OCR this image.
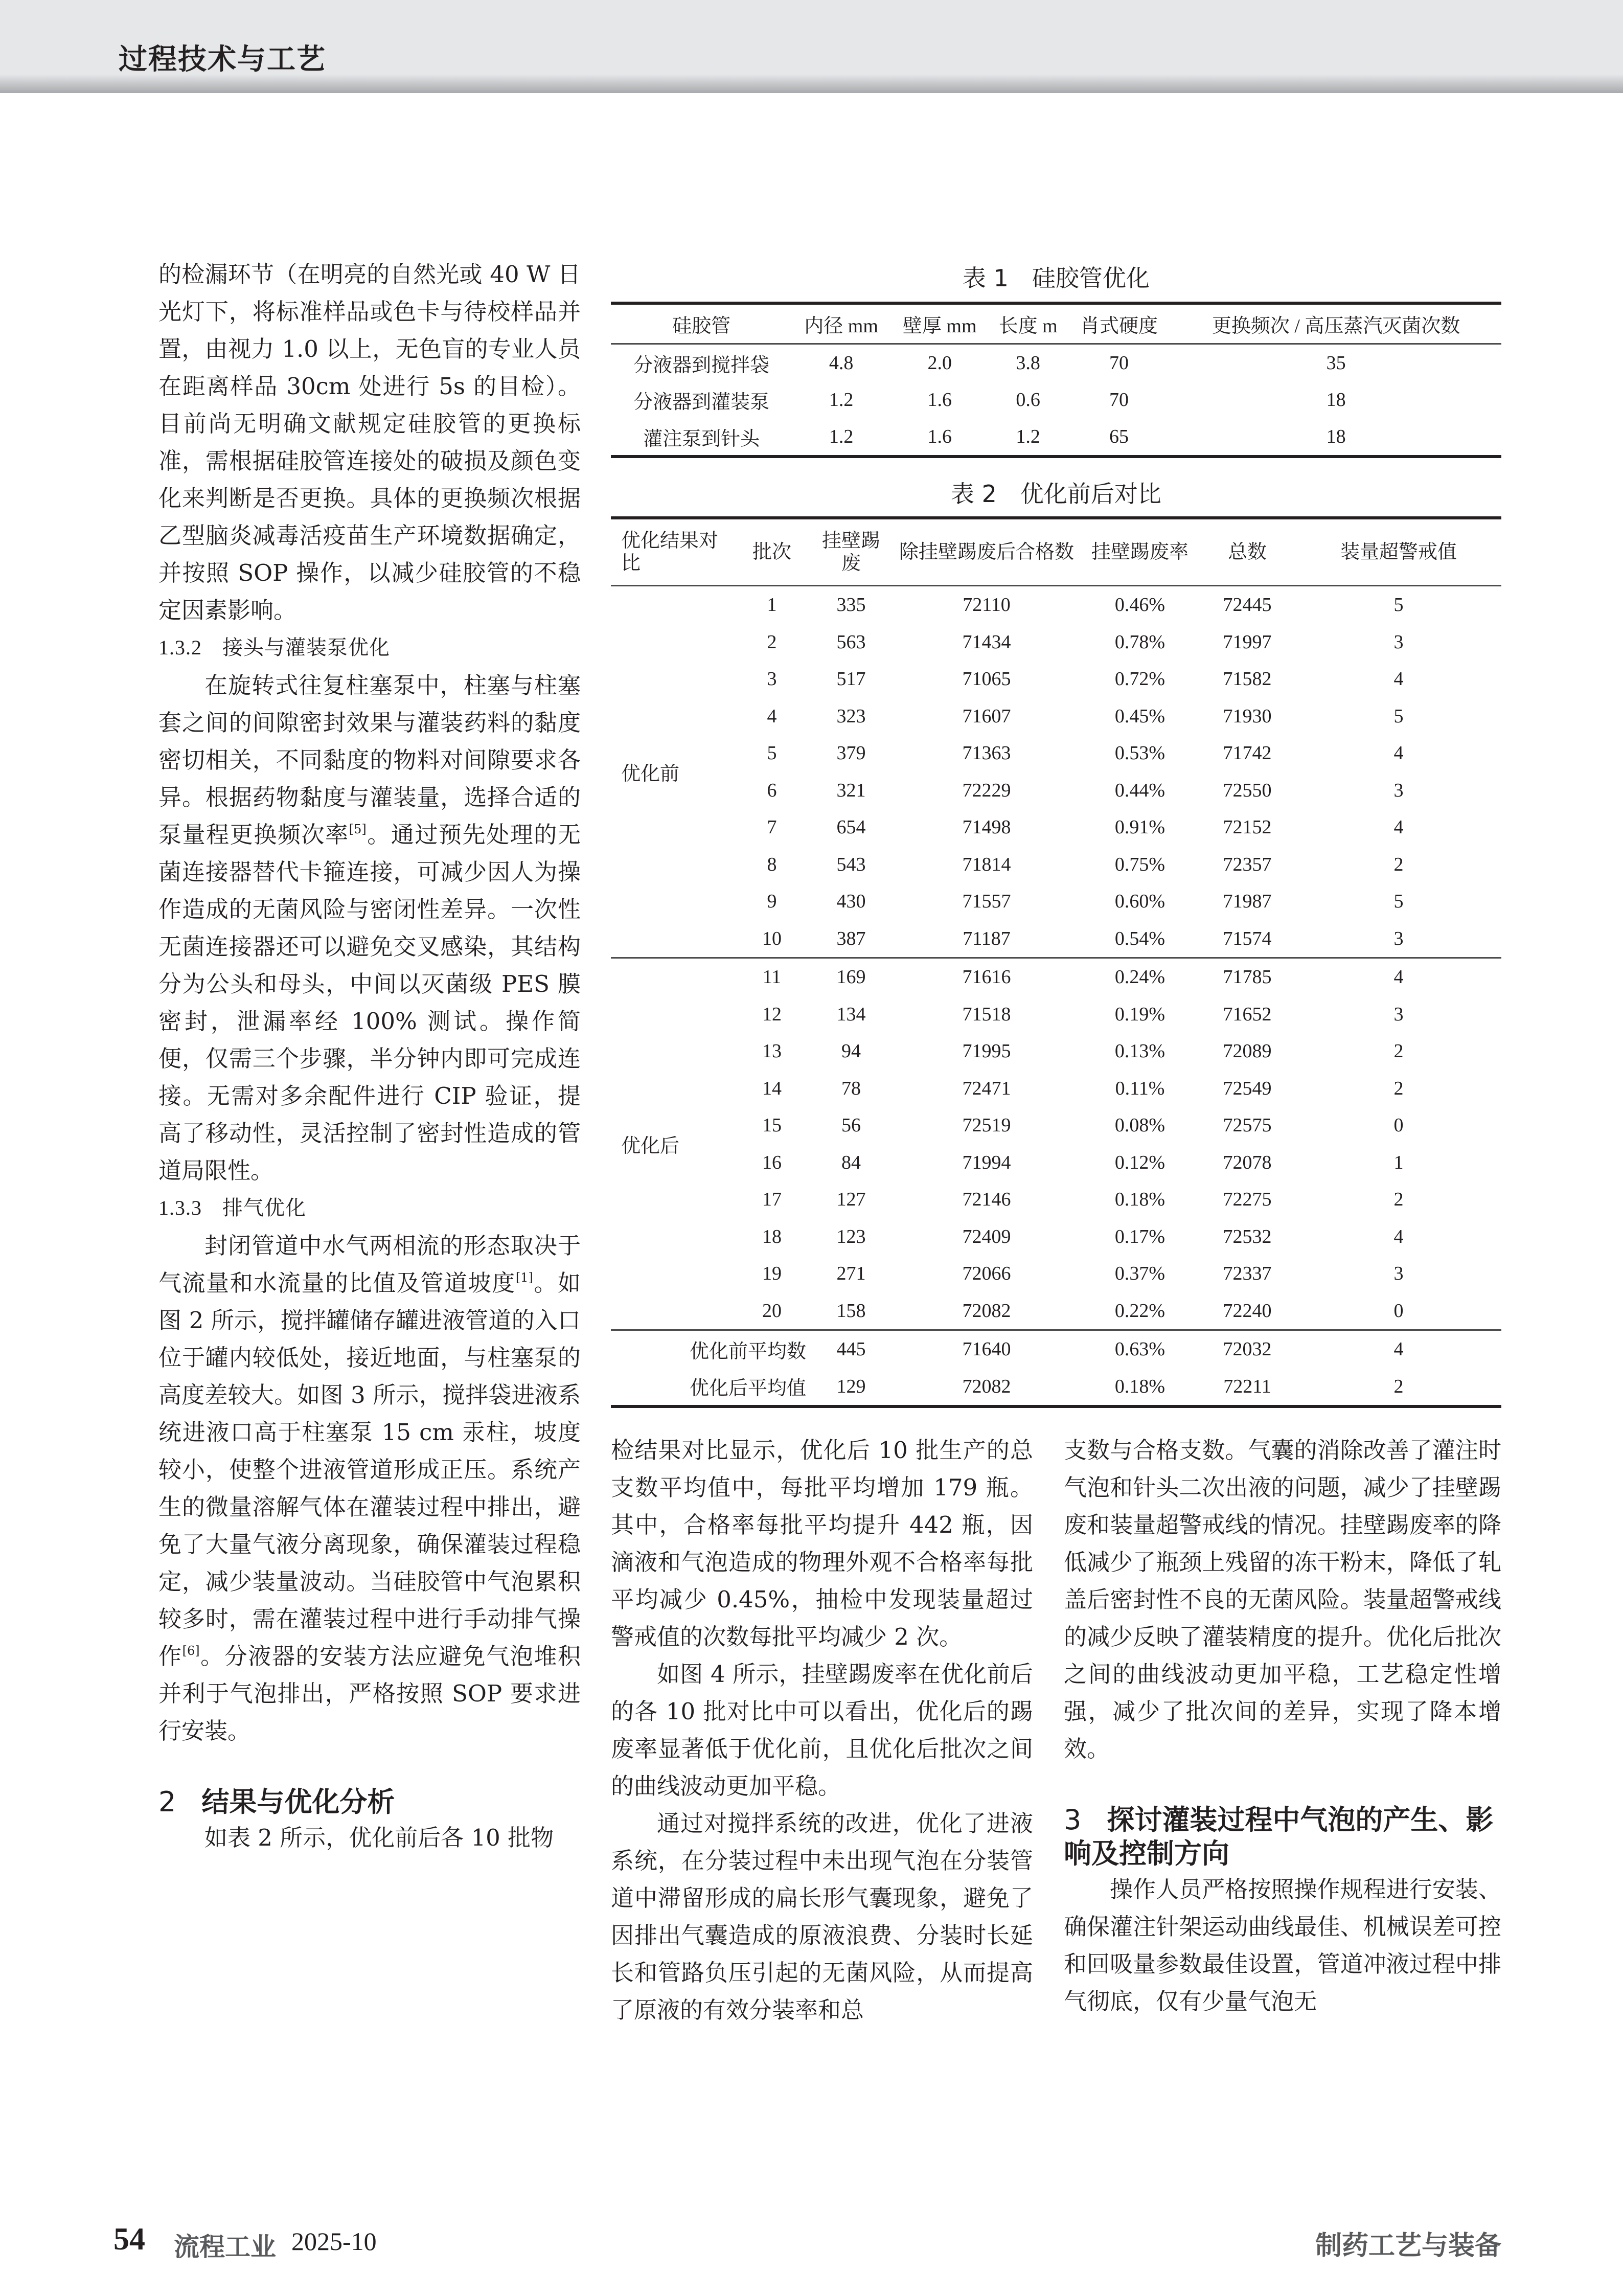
过程技术与工艺

的检漏环节（在明亮的自然光或 40 W 日光灯下，将标准样品或色卡与待校样品并置，由视力 1.0 以上，无色盲的专业人员在距离样品 30cm 处进行 5s 的目检）。目前尚无明确文献规定硅胶管的更换标准，需根据硅胶管连接处的破损及颜色变化来判断是否更换。具体的更换频次根据乙型脑炎减毒活疫苗生产环境数据确定，并按照 SOP 操作，以减少硅胶管的不稳定因素影响。

1.3.2 接头与灌装泵优化

在旋转式往复柱塞泵中，柱塞与柱塞套之间的间隙密封效果与灌装药料的黏度密切相关，不同黏度的物料对间隙要求各异。根据药物黏度与灌装量，选择合适的泵量程更换频次率[5]。通过预先处理的无菌连接器替代卡箍连接，可减少因人为操作造成的无菌风险与密闭性差异。一次性无菌连接器还可以避免交叉感染，其结构分为公头和母头，中间以灭菌级 PES 膜密封，泄漏率经 100% 测试。操作简便，仅需三个步骤，半分钟内即可完成连接。无需对多余配件进行 CIP 验证，提高了移动性，灵活控制了密封性造成的管道局限性。

1.3.3 排气优化

封闭管道中水气两相流的形态取决于气流量和水流量的比值及管道坡度[1]。如图 2 所示，搅拌罐储存罐进液管道的入口位于罐内较低处，接近地面，与柱塞泵的高度差较大。如图 3 所示，搅拌袋进液系统进液口高于柱塞泵 15 cm 汞柱，坡度较小，使整个进液管道形成正压。系统产生的微量溶解气体在灌装过程中排出，避免了大量气液分离现象，确保灌装过程稳定，减少装量波动。当硅胶管中气泡累积较多时，需在灌装过程中进行手动排气操作[6]。分液器的安装方法应避免气泡堆积并利于气泡排出，严格按照 SOP 要求进行安装。

2 结果与优化分析

如表 2 所示，优化前后各 10 批物

表 1　硅胶管优化
硅胶管	内径 mm	壁厚 mm	长度 m	肖式硬度	更换频次 / 高压蒸汽灭菌次数
分液器到搅拌袋	4.8	2.0	3.8	70	35
分液器到灌装泵	1.2	1.6	0.6	70	18
灌注泵到针头	1.2	1.6	1.2	65	18
表 2　优化前后对比
优化结果对比	批次	挂壁踢废	除挂壁踢废后合格数	挂壁踢废率	总数	装量超警戒值
优化前	1	335	72110	0.46%	72445	5
	2	563	71434	0.78%	71997	3
	3	517	71065	0.72%	71582	4
	4	323	71607	0.45%	71930	5
	5	379	71363	0.53%	71742	4
	6	321	72229	0.44%	72550	3
	7	654	71498	0.91%	72152	4
	8	543	71814	0.75%	72357	2
	9	430	71557	0.60%	71987	5
	10	387	71187	0.54%	71574	3
优化后	11	169	71616	0.24%	71785	4
	12	134	71518	0.19%	71652	3
	13	94	71995	0.13%	72089	2
	14	78	72471	0.11%	72549	2
	15	56	72519	0.08%	72575	0
	16	84	71994	0.12%	72078	1
	17	127	72146	0.18%	72275	2
	18	123	72409	0.17%	72532	4
	19	271	72066	0.37%	72337	3
	20	158	72082	0.22%	72240	0
优化前平均数		445	71640	0.63%	72032	4
优化后平均值		129	72082	0.18%	72211	2

检结果对比显示，优化后 10 批生产的总支数平均值中，每批平均增加 179 瓶。其中，合格率每批平均提升 442 瓶，因滴液和气泡造成的物理外观不合格率每批平均减少 0.45%，抽检中发现装量超过警戒值的次数每批平均减少 2 次。

如图 4 所示，挂壁踢废率在优化前后的各 10 批对比中可以看出，优化后的踢废率显著低于优化前，且优化后批次之间的曲线波动更加平稳。

通过对搅拌系统的改进，优化了进液系统，在分装过程中未出现气泡在分装管道中滞留形成的扁长形气囊现象，避免了因排出气囊造成的原液浪费、分装时长延长和管路负压引起的无菌风险，从而提高了原液的有效分装率和总

支数与合格支数。气囊的消除改善了灌注时气泡和针头二次出液的问题，减少了挂壁踢废和装量超警戒线的情况。挂壁踢废率的降低减少了瓶颈上残留的冻干粉末，降低了轧盖后密封性不良的无菌风险。装量超警戒线的减少反映了灌装精度的提升。优化后批次之间的曲线波动更加平稳，工艺稳定性增强，减少了批次间的差异，实现了降本增效。

3 探讨灌装过程中气泡的产生、影响及控制方向

操作人员严格按照操作规程进行安装、确保灌注针架运动曲线最佳、机械误差可控和回吸量参数最佳设置，管道冲液过程中排气彻底，仅有少量气泡无

54 流程工业 2025-10	制药工艺与装备
